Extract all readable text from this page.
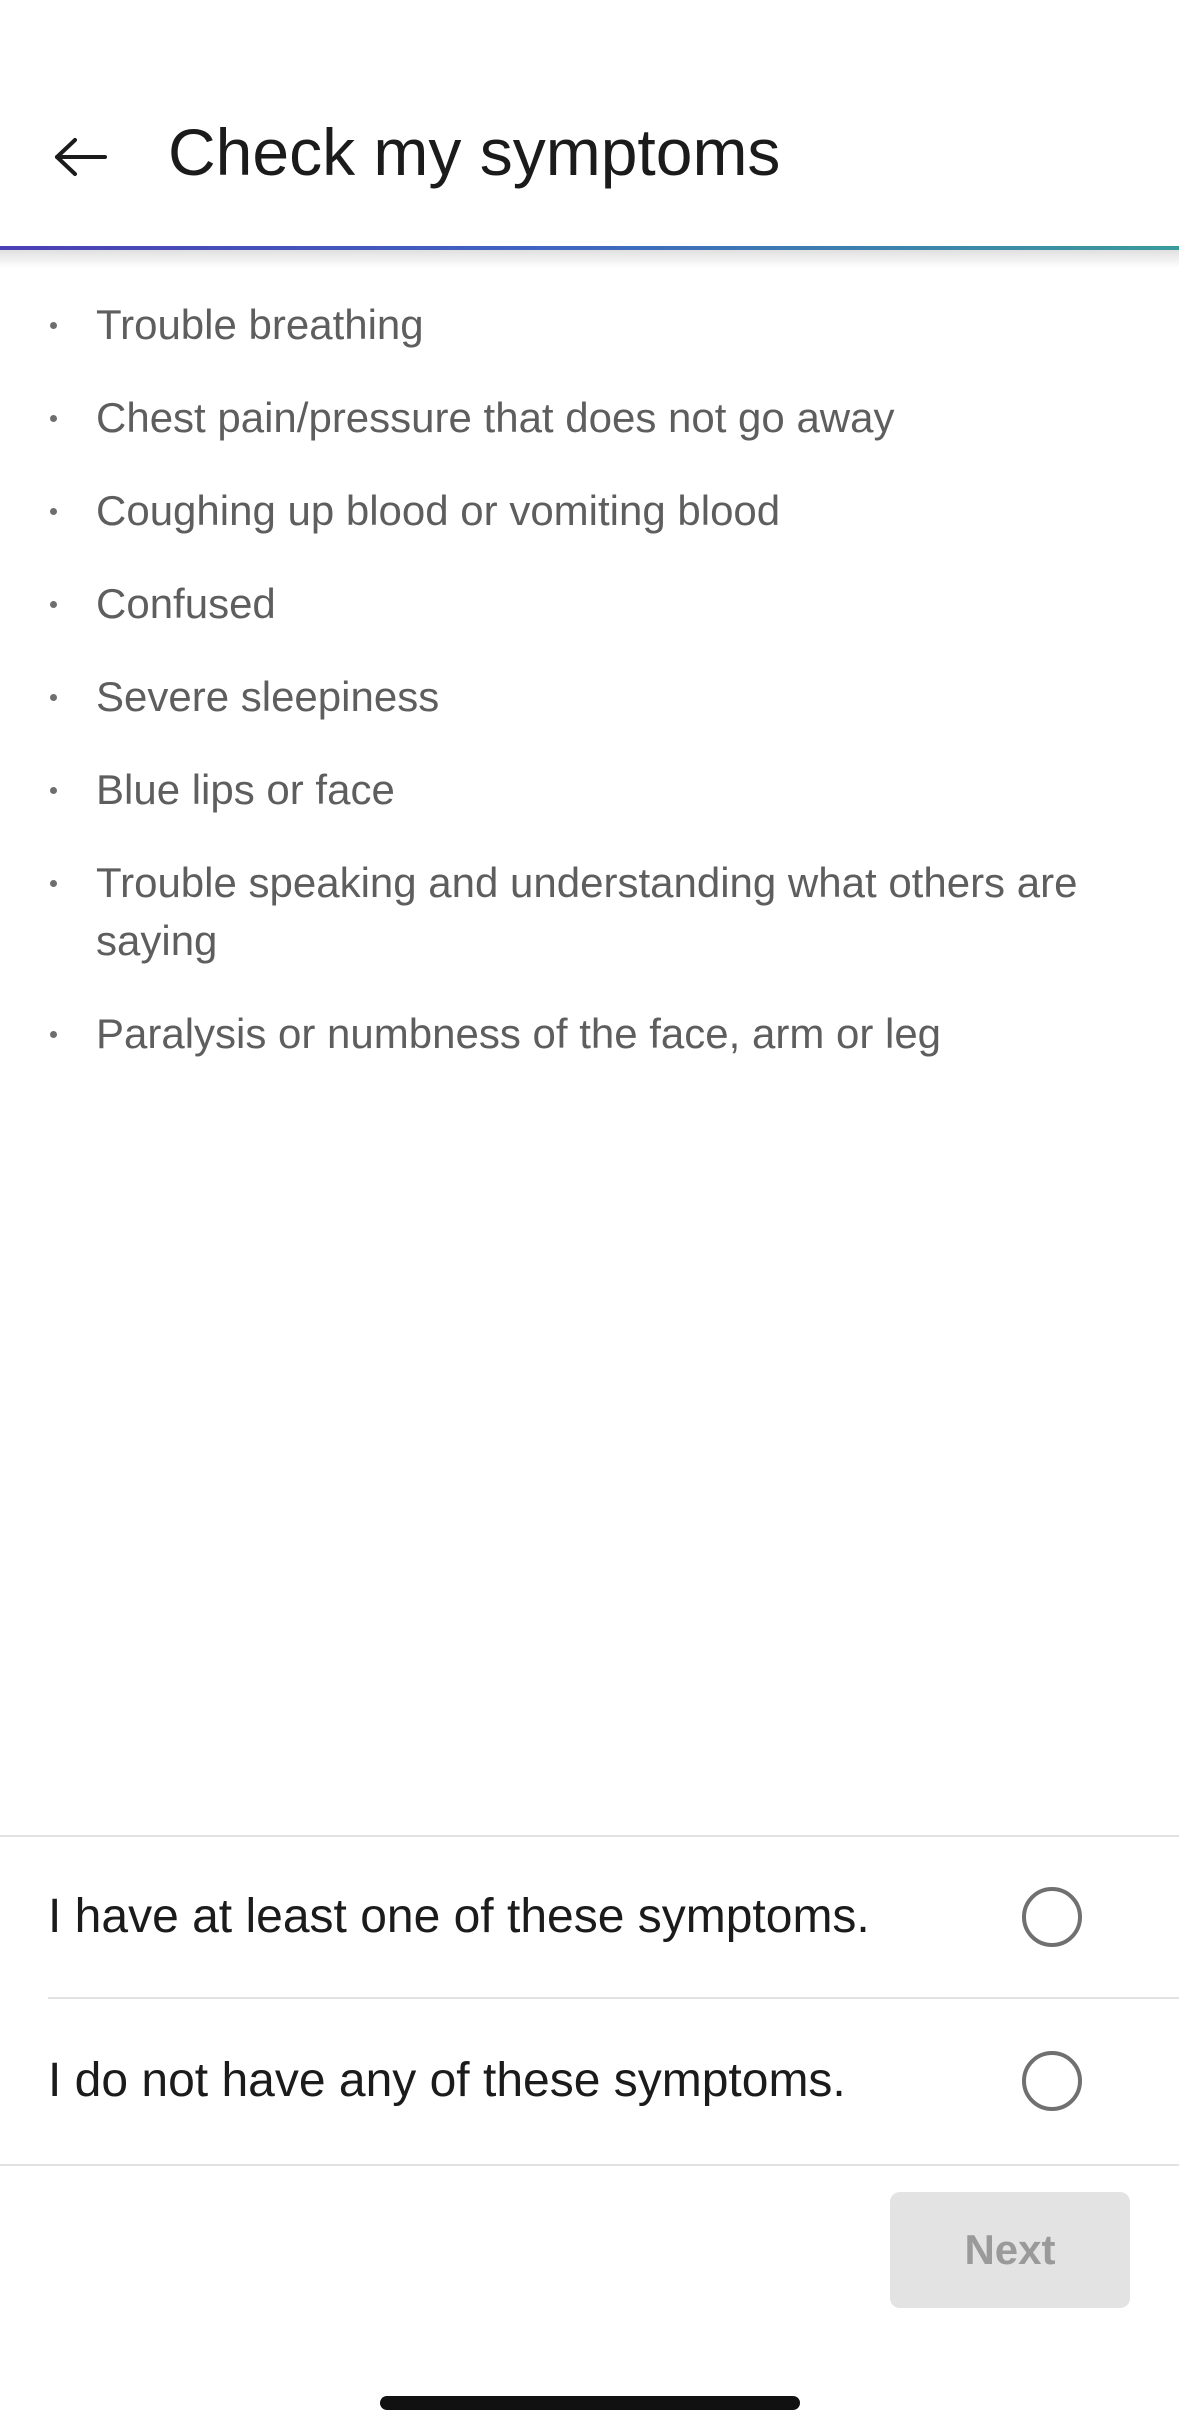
Check my symptoms
Trouble breathing
Chest pain/pressure that does not go away
Coughing up blood or vomiting blood
Confused
Severe sleepiness
Blue lips or face
Trouble speaking and understanding what others are saying
Paralysis or numbness of the face, arm or leg
I have at least one of these symptoms.
I do not have any of these symptoms.
Next
